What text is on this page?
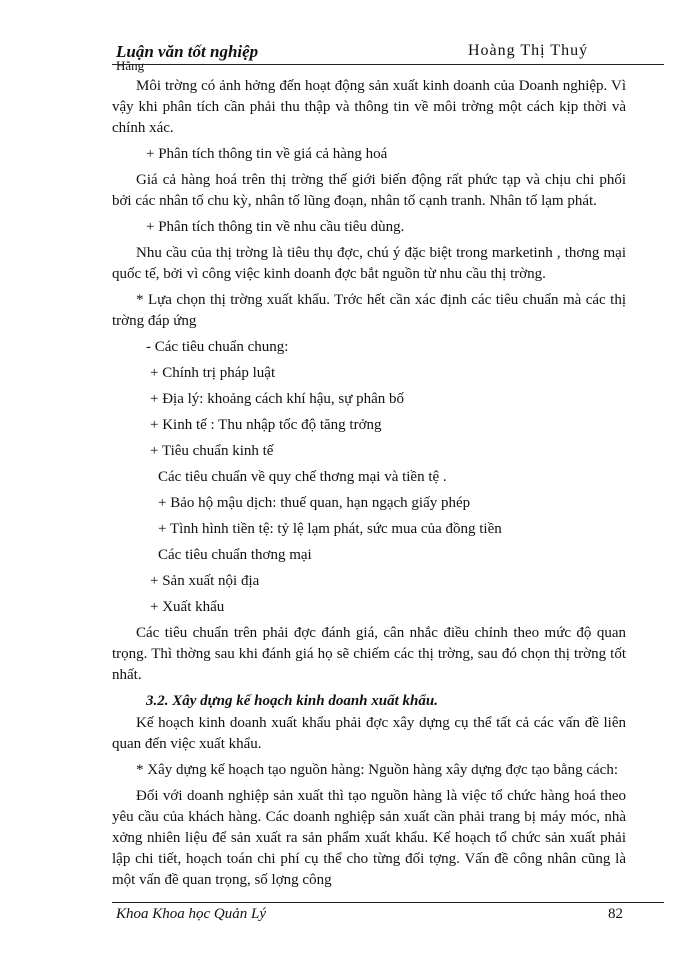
Luận văn tốt nghiệp	Hoàng Thị Thuý
Hằng

Môi trờng có ảnh hởng đến hoạt động sản xuất kinh doanh của Doanh nghiệp. Vì vậy khi phân tích cần phải thu thập và thông tin về môi trờng một cách kịp thời và chính xác.

+ Phân tích thông tin về giá cả hàng hoá

Giá cả hàng hoá trên thị trờng thế giới biến động rất phức tạp và chịu chi phối bởi các nhân tố chu kỳ, nhân tố lũng đoạn, nhân tố cạnh tranh. Nhân tố lạm phát.

+ Phân tích thông tin về nhu cầu tiêu dùng.

Nhu cầu của thị trờng là tiêu thụ đợc, chú ý đặc biệt trong marketinh , thơng mại quốc tế, bởi vì công việc kinh doanh đợc bắt nguồn từ nhu cầu thị trờng.

* Lựa chọn thị trờng xuất khẩu. Trớc hết cần xác định các tiêu chuẩn mà các thị trờng đáp ứng

- Các tiêu chuẩn chung:

+ Chính trị pháp luật

+ Địa lý: khoảng cách khí hậu, sự phân bố

+ Kinh tế : Thu nhập tốc độ tăng trởng

+ Tiêu chuẩn kinh tế

Các tiêu chuẩn về quy chế thơng mại và tiền tệ .

+ Bảo hộ mậu dịch: thuế quan, hạn ngạch giấy phép

+ Tình hình tiền tệ: tỷ lệ lạm phát, sức mua của đồng tiền

Các tiêu chuẩn thơng mại

+ Sản xuất nội địa

+ Xuất khẩu

Các tiêu chuẩn trên phải đợc đánh giá, cân nhắc điều chỉnh theo mức độ quan trọng. Thì thờng sau khi đánh giá họ sẽ chiếm các thị trờng, sau đó chọn thị trờng tốt nhất.

3.2. Xây dựng kế hoạch kinh doanh xuất khẩu.

Kế hoạch kinh doanh xuất khẩu phải đợc xây dựng cụ thể tất cả các vấn đề liên quan đến việc xuất khẩu.

* Xây dựng kế hoạch tạo nguồn hàng: Nguồn hàng xây dựng đợc tạo bằng cách:

Đối với doanh nghiệp sản xuất thì tạo nguồn hàng là việc tổ chức hàng hoá theo yêu cầu của khách hàng. Các doanh nghiệp sản xuất cần phải trang bị máy móc, nhà xởng nhiên liệu để sản xuất ra sản phẩm xuất khẩu. Kế hoạch tổ chức sản xuất phải lập chi tiết, hoạch toán chi phí cụ thể cho từng đối tợng. Vấn đề công nhân cũng là một vấn đề quan trọng, số lợng công

Khoa Khoa học Quản Lý	82
